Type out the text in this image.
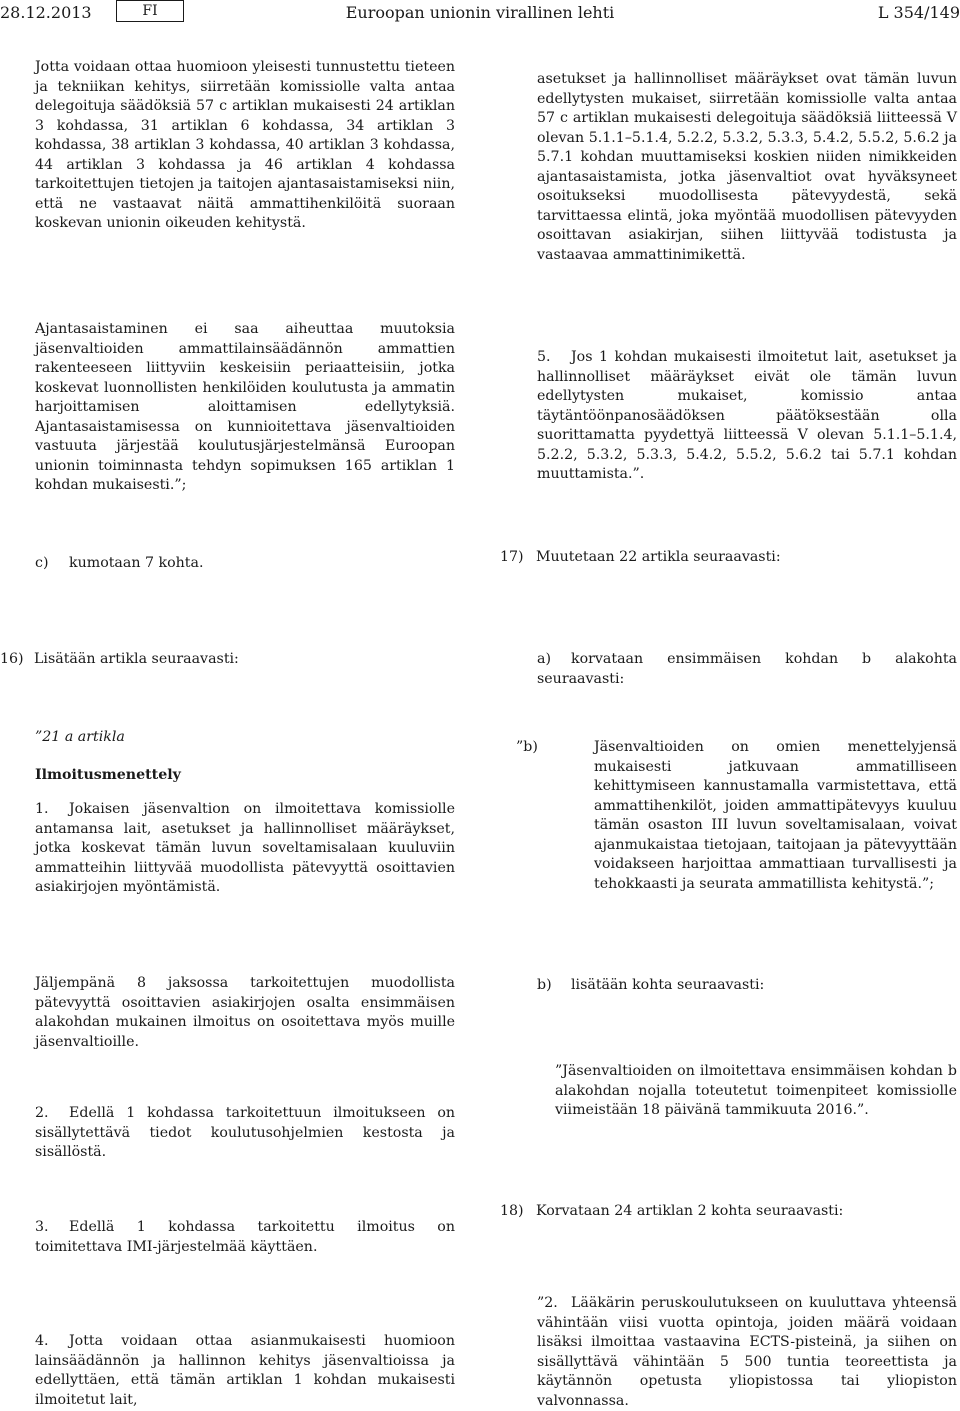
28.12.2013	FI	Euroopan unionin virallinen lehti	L 354/149

Jotta voidaan ottaa huomioon yleisesti tunnustettu tieteen ja tekniikan kehitys, siirretään komissiolle valta antaa delegoituja säädöksiä 57 c artiklan mukaisesti 24 artiklan 3 kohdassa, 31 artiklan 6 kohdassa, 34 artiklan 3 kohdassa, 38 artiklan 3 kohdassa, 40 artiklan 3 kohdassa, 44 artiklan 3 kohdassa ja 46 artiklan 4 kohdassa tarkoitettujen tietojen ja taitojen ajantasaistamiseksi niin, että ne vastaavat näitä ammattihenkilöitä suoraan koskevan unionin oikeuden kehitystä.

Ajantasaistaminen ei saa aiheuttaa muutoksia jäsenvaltioiden ammattilainsäädännön ammattien rakenteeseen liittyviin keskeisiin periaatteisiin, jotka koskevat luonnollisten henkilöiden koulutusta ja ammatin harjoittamisen aloittamisen edellytyksiä. Ajantasaistamisessa on kunnioitettava jäsenvaltioiden vastuuta järjestää koulutusjärjestelmänsä Euroopan unionin toiminnasta tehdyn sopimuksen 165 artiklan 1 kohdan mukaisesti.”;

c) kumotaan 7 kohta.

16) Lisätään artikla seuraavasti:

”21 a artikla

Ilmoitusmenettely

1. Jokaisen jäsenvaltion on ilmoitettava komissiolle antamansa lait, asetukset ja hallinnolliset määräykset, jotka koskevat tämän luvun soveltamisalaan kuuluviin ammatteihin liittyvää muodollista pätevyyttä osoittavien asiakirjojen myöntämistä.

Jäljempänä 8 jaksossa tarkoitettujen muodollista pätevyyttä osoittavien asiakirjojen osalta ensimmäisen alakohdan mukainen ilmoitus on osoitettava myös muille jäsenvaltioille.

2. Edellä 1 kohdassa tarkoitettuun ilmoitukseen on sisällytettävä tiedot koulutusohjelmien kestosta ja sisällöstä.

3. Edellä 1 kohdassa tarkoitettu ilmoitus on toimitettava IMI-järjestelmää käyttäen.

4. Jotta voidaan ottaa asianmukaisesti huomioon lainsäädännön ja hallinnon kehitys jäsenvaltioissa ja edellyttäen, että tämän artiklan 1 kohdan mukaisesti ilmoitetut lait,

asetukset ja hallinnolliset määräykset ovat tämän luvun edellytysten mukaiset, siirretään komissiolle valta antaa 57 c artiklan mukaisesti delegoituja säädöksiä liitteessä V olevan 5.1.1–5.1.4, 5.2.2, 5.3.2, 5.3.3, 5.4.2, 5.5.2, 5.6.2 ja 5.7.1 kohdan muuttamiseksi koskien niiden nimikkeiden ajantasaistamista, jotka jäsenvaltiot ovat hyväksyneet osoitukseksi muodollisesta pätevyydestä, sekä tarvittaessa elintä, joka myöntää muodollisen pätevyyden osoittavan asiakirjan, siihen liittyvää todistusta ja vastaavaa ammattinimikettä.

5. Jos 1 kohdan mukaisesti ilmoitetut lait, asetukset ja hallinnolliset määräykset eivät ole tämän luvun edellytysten mukaiset, komissio antaa täytäntöönpanosäädöksen päätöksestään olla suorittamatta pyydettyä liitteessä V olevan 5.1.1–5.1.4, 5.2.2, 5.3.2, 5.3.3, 5.4.2, 5.5.2, 5.6.2 tai 5.7.1 kohdan muuttamista.”.

17) Muutetaan 22 artikla seuraavasti:

a) korvataan ensimmäisen kohdan b alakohta seuraavasti:

”b)	Jäsenvaltioiden on omien menettelyjensä mukaisesti jatkuvaan ammatilliseen kehittymiseen kannustamalla varmistettava, että ammattihenkilöt, joiden ammattipätevyys kuuluu tämän osaston III luvun soveltamisalaan, voivat ajanmukaistaa tietojaan, taitojaan ja pätevyyttään voidakseen harjoittaa ammattiaan turvallisesti ja tehokkaasti ja seurata ammatillista kehitystä.”;

b) lisätään kohta seuraavasti:

”Jäsenvaltioiden on ilmoitettava ensimmäisen kohdan b alakohdan nojalla toteutetut toimenpiteet komissiolle viimeistään 18 päivänä tammikuuta 2016.”.

18) Korvataan 24 artiklan 2 kohta seuraavasti:

”2. Lääkärin peruskoulutukseen on kuuluttava yhteensä vähintään viisi vuotta opintoja, joiden määrä voidaan lisäksi ilmoittaa vastaavina ECTS-pisteinä, ja siihen on sisällyttävä vähintään 5 500 tuntia teoreettista ja käytännön opetusta yliopistossa tai yliopiston valvonnassa.
